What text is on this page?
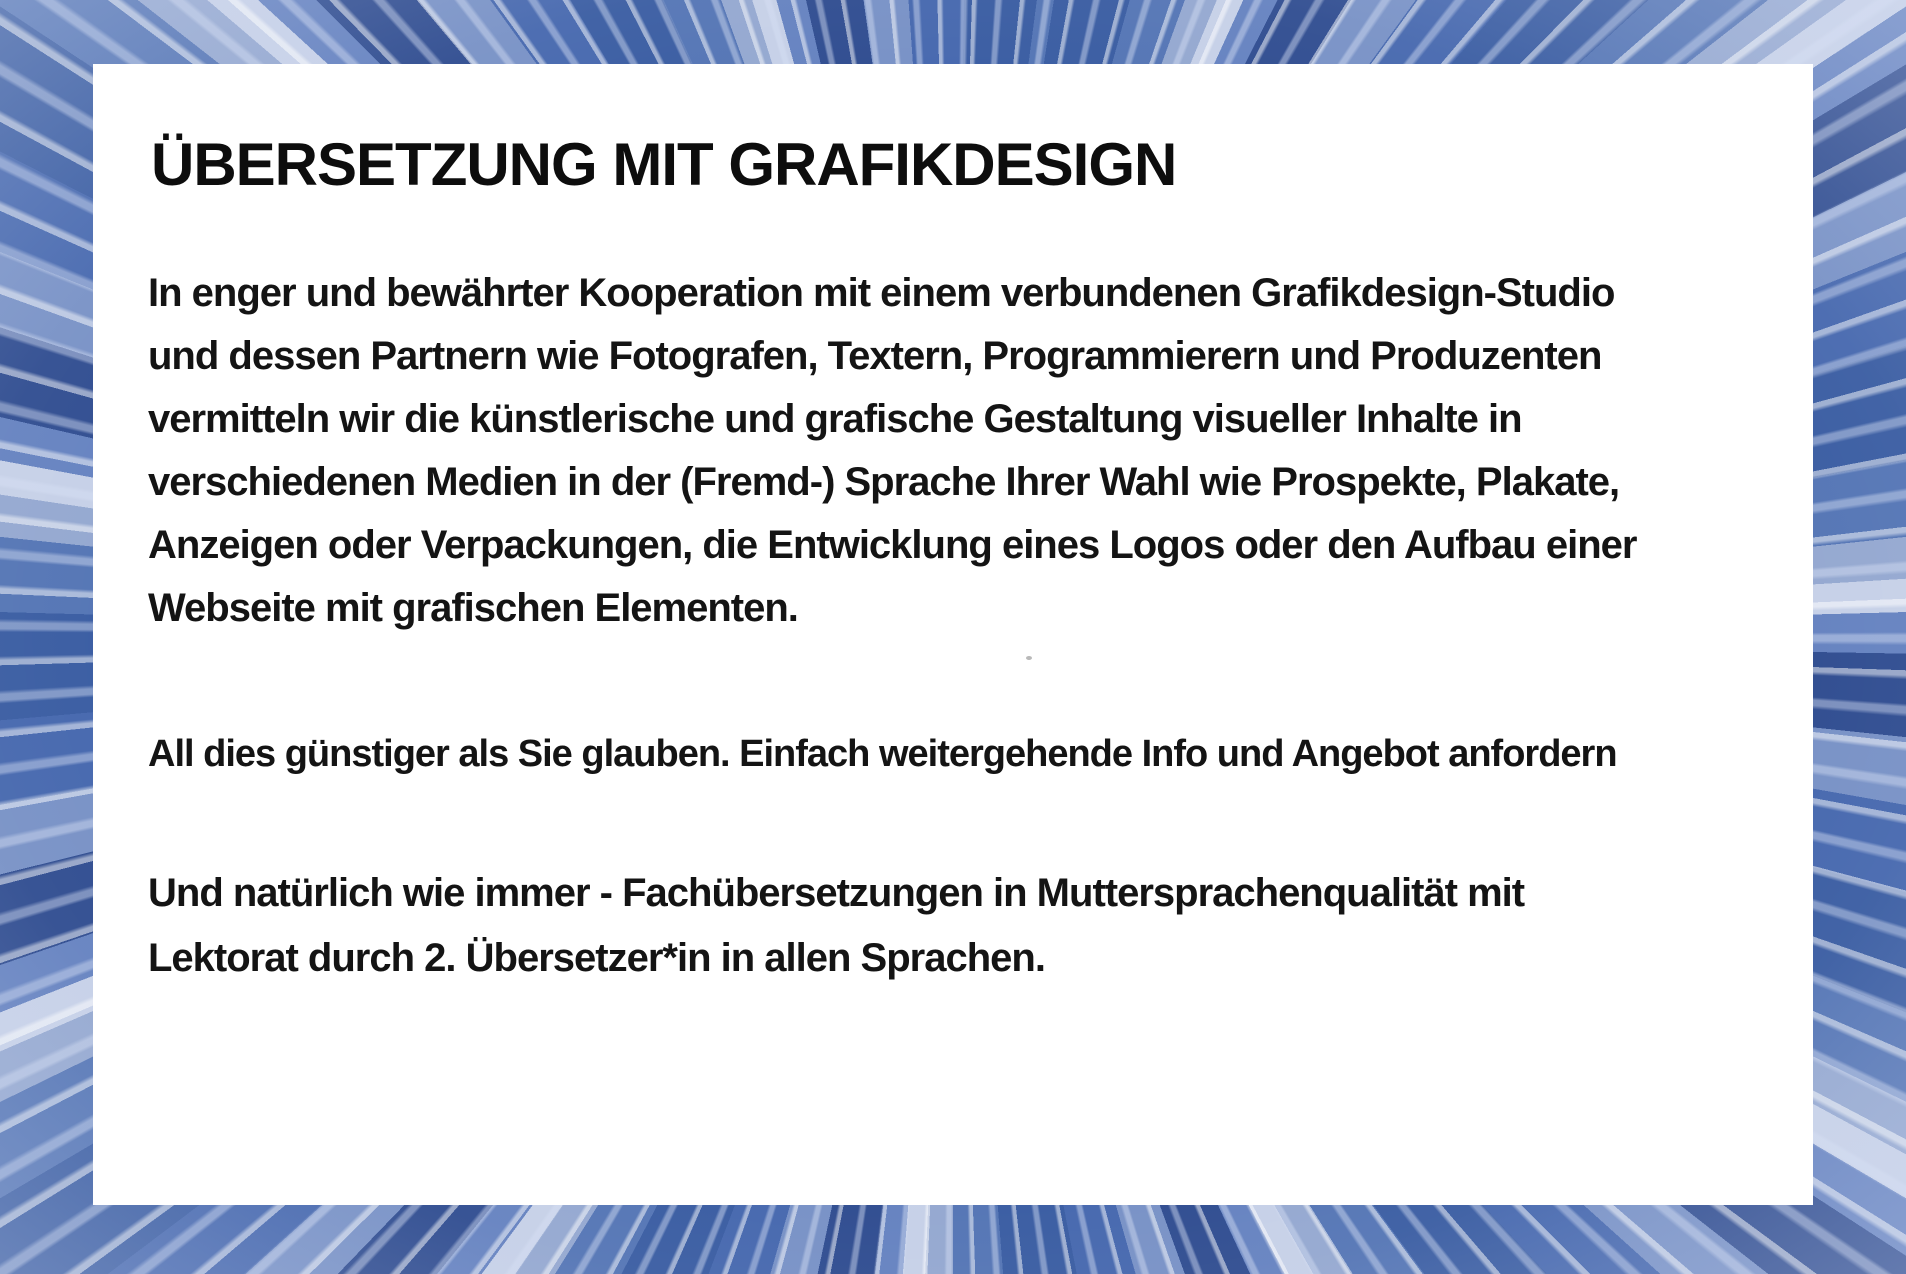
ÜBERSETZUNG MIT GRAFIKDESIGN
In enger und bewährter Kooperation mit einem verbundenen Grafikdesign-Studio
und dessen Partnern wie Fotografen, Textern, Programmierern und Produzenten
vermitteln wir die künstlerische und grafische Gestaltung visueller Inhalte in
verschiedenen Medien in der (Fremd-) Sprache Ihrer Wahl wie Prospekte, Plakate,
Anzeigen oder Verpackungen, die Entwicklung eines Logos oder den Aufbau einer
Webseite mit grafischen Elementen.
All dies günstiger als Sie glauben. Einfach weitergehende Info und Angebot anfordern
Und natürlich wie immer - Fachübersetzungen in Muttersprachenqualität mit
Lektorat durch 2. Übersetzer*in in allen Sprachen.
